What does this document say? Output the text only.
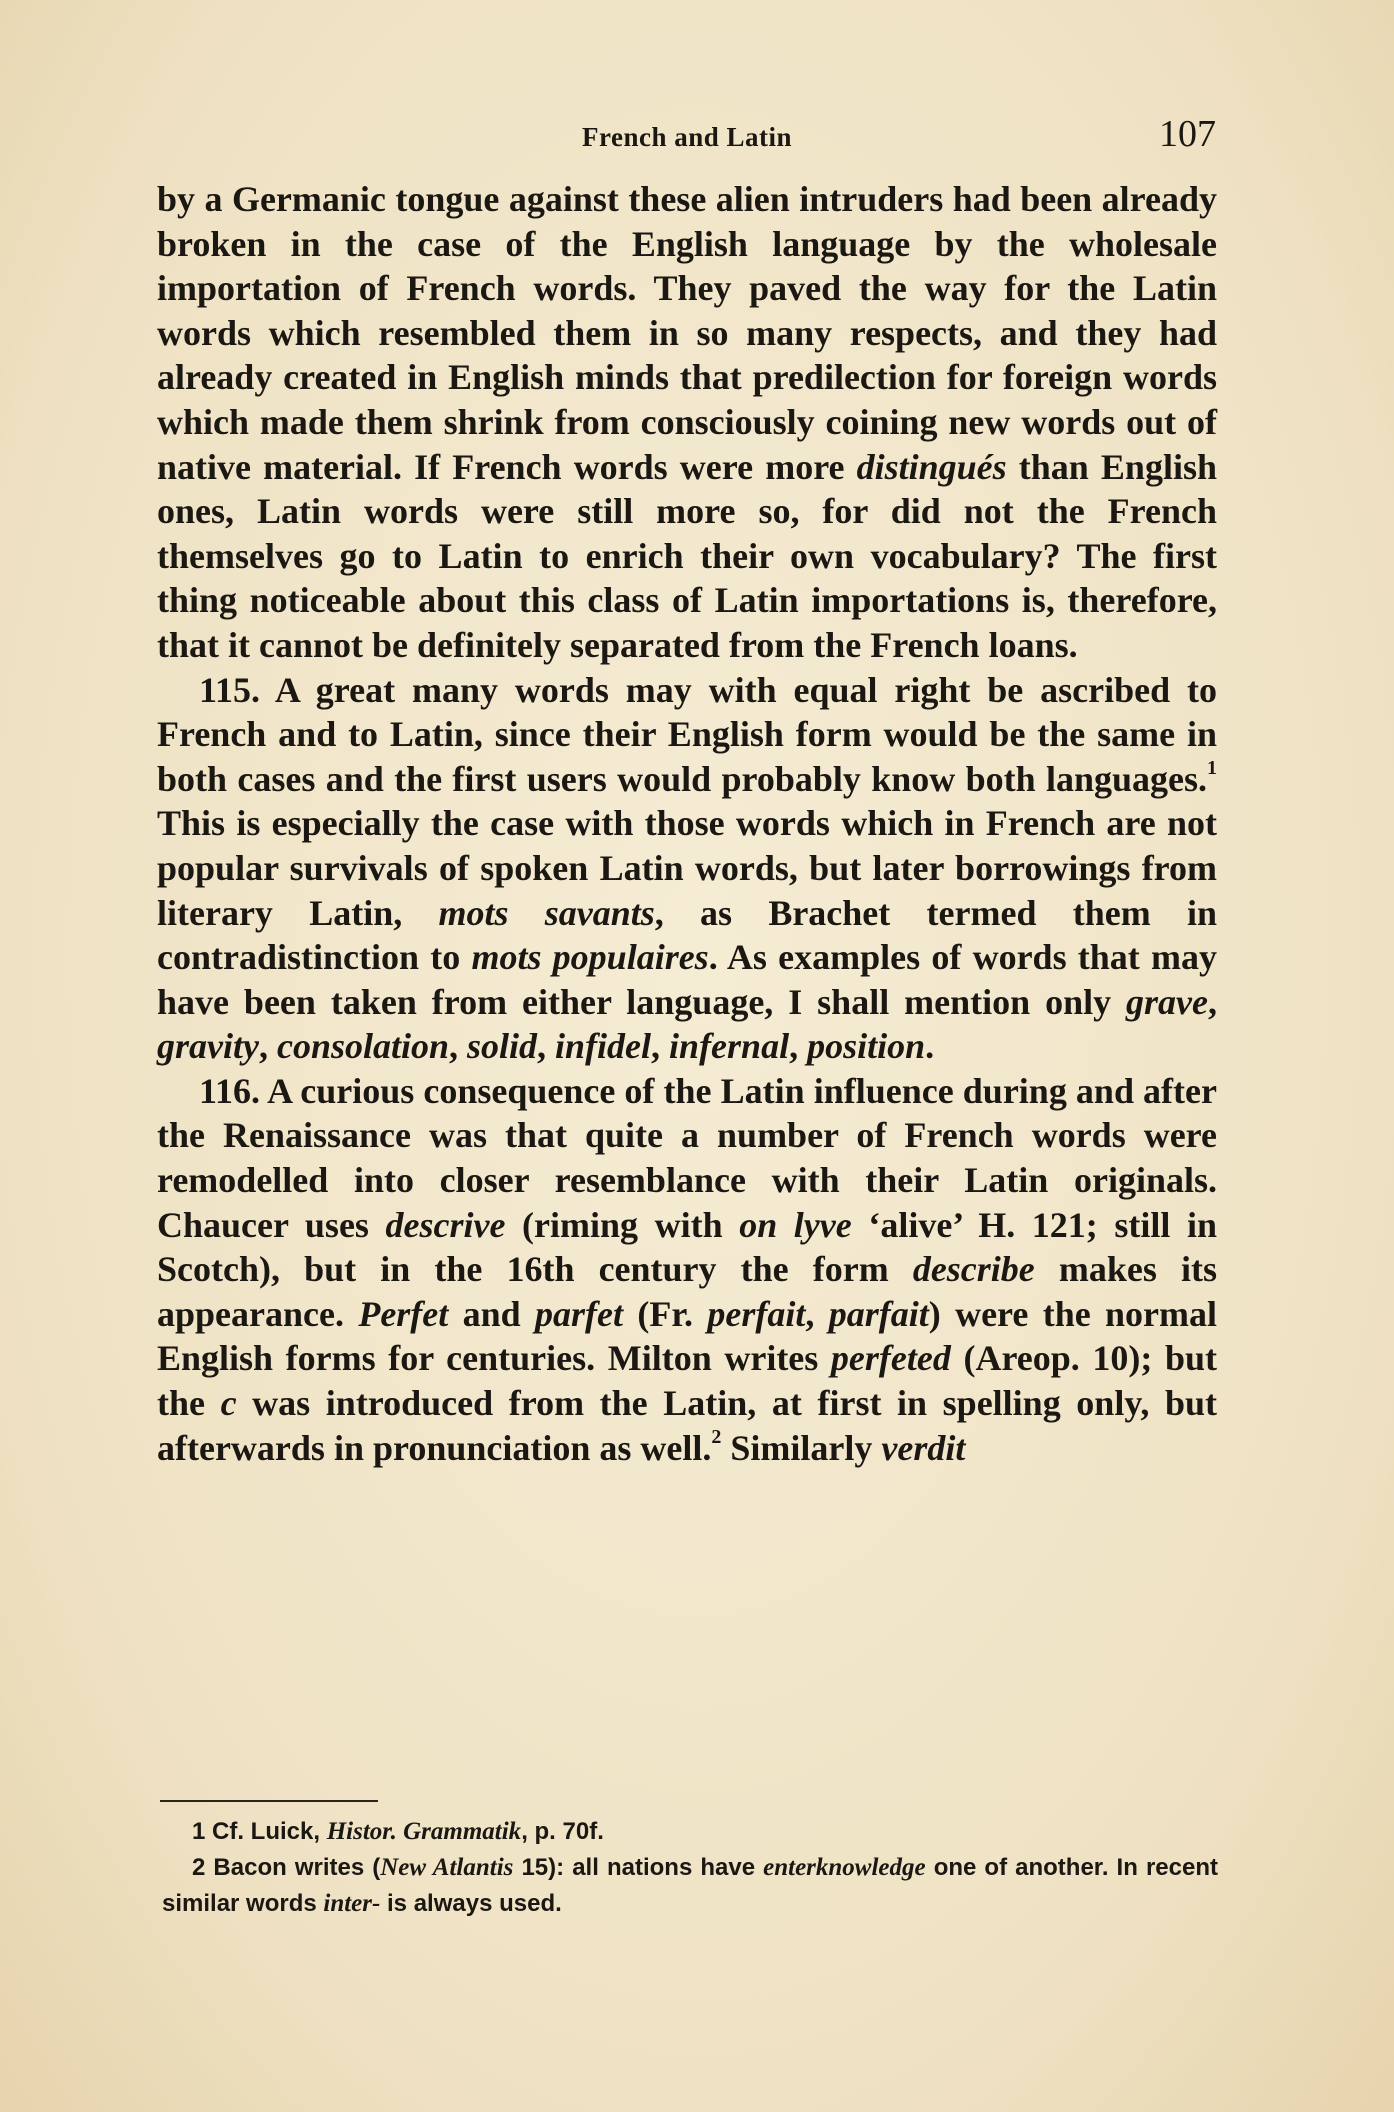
French and Latin	107

by a Germanic tongue against these alien intruders had been already broken in the case of the English language by the wholesale importation of French words. They paved the way for the Latin words which resembled them in so many respects, and they had already created in English minds that predilection for foreign words which made them shrink from consciously coining new words out of native material. If French words were more distingués than English ones, Latin words were still more so, for did not the French themselves go to Latin to enrich their own vocabulary? The first thing noticeable about this class of Latin importations is, therefore, that it cannot be definitely separated from the French loans.

115. A great many words may with equal right be ascribed to French and to Latin, since their English form would be the same in both cases and the first users would probably know both languages.$^1$ This is especially the case with those words which in French are not popular survivals of spoken Latin words, but later borrowings from literary Latin, mots savants, as Brachet termed them in contradistinction to mots populaires. As examples of words that may have been taken from either language, I shall mention only grave, gravity, consolation, solid, infidel, infernal, position.

116. A curious consequence of the Latin influence during and after the Renaissance was that quite a number of French words were remodelled into closer resemblance with their Latin originals. Chaucer uses descrive (riming with on lyve ‘alive’ H. 121; still in Scotch), but in the 16th century the form describe makes its appearance. Perfet and parfet (Fr. perfait, parfait) were the normal English forms for centuries. Milton writes perfeted (Areop. 10); but the c was introduced from the Latin, at first in spelling only, but afterwards in pronunciation as well.$^2$ Similarly verdit

1 Cf. Luick, Histor. Grammatik, p. 70f.

2 Bacon writes (New Atlantis 15): all nations have enterknowledge one of another. In recent similar words inter- is always used.
